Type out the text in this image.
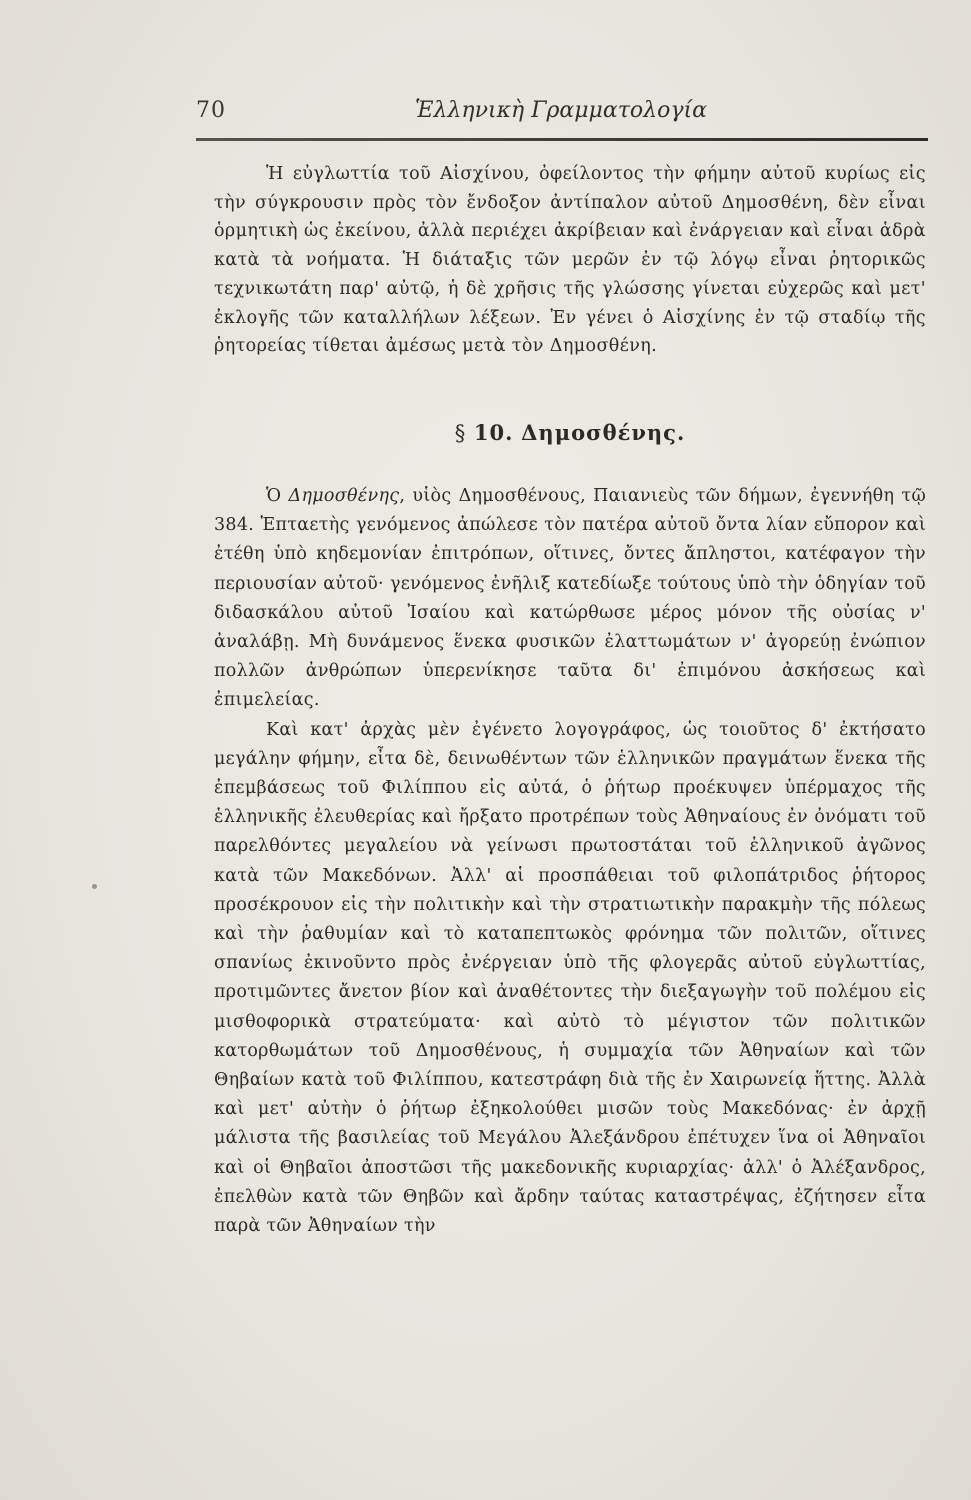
70	Ἑλληνικὴ Γραμματολογία

Ἡ εὐγλωττία τοῦ Αἰσχίνου, ὀφείλοντος τὴν φήμην αὐτοῦ κυρίως εἰς τὴν σύγκρουσιν πρὸς τὸν ἔνδοξον ἀντίπαλον αὐτοῦ Δημοσθένη, δὲν εἶναι ὁρμητικὴ ὡς ἐκείνου, ἀλλὰ περιέχει ἀκρίβειαν καὶ ἐνάργειαν καὶ εἶναι ἁδρὰ κατὰ τὰ νοήματα. Ἡ διάταξις τῶν μερῶν ἐν τῷ λόγῳ εἶναι ῥητορικῶς τεχνικωτάτη παρ' αὐτῷ, ἡ δὲ χρῆσις τῆς γλώσσης γίνεται εὐχερῶς καὶ μετ' ἐκλογῆς τῶν καταλλήλων λέξεων. Ἐν γένει ὁ Αἰσχίνης ἐν τῷ σταδίῳ τῆς ῥητορείας τίθεται ἀμέσως μετὰ τὸν Δημοσθένη.

§ 10. Δημοσθένης.

Ὁ Δημοσθένης, υἱὸς Δημοσθένους, Παιανιεὺς τῶν δήμων, ἐγεννήθη τῷ 384. Ἑπταετὴς γενόμενος ἀπώλεσε τὸν πατέρα αὐτοῦ ὄντα λίαν εὔπορον καὶ ἐτέθη ὑπὸ κηδεμονίαν ἐπιτρόπων, οἵτινες, ὄντες ἄπληστοι, κατέφαγον τὴν περιουσίαν αὐτοῦ· γενόμενος ἐνῆλιξ κατεδίωξε τούτους ὑπὸ τὴν ὁδηγίαν τοῦ διδασκάλου αὐτοῦ Ἰσαίου καὶ κατώρθωσε μέρος μόνον τῆς οὐσίας ν' ἀναλάβῃ. Μὴ δυνάμενος ἕνεκα φυσικῶν ἐλαττωμάτων ν' ἀγορεύῃ ἐνώπιον πολλῶν ἀνθρώπων ὑπερενίκησε ταῦτα δι' ἐπιμόνου ἀσκήσεως καὶ ἐπιμελείας.

Καὶ κατ' ἀρχὰς μὲν ἐγένετο λογογράφος, ὡς τοιοῦτος δ' ἐκτήσατο μεγάλην φήμην, εἶτα δὲ, δεινωθέντων τῶν ἑλληνικῶν πραγμάτων ἕνεκα τῆς ἐπεμβάσεως τοῦ Φιλίππου εἰς αὐτά, ὁ ῥήτωρ προέκυψεν ὑπέρμαχος τῆς ἑλληνικῆς ἐλευθερίας καὶ ἤρξατο προτρέπων τοὺς Ἀθηναίους ἐν ὀνόματι τοῦ παρελθόντες μεγαλείου νὰ γείνωσι πρωτοστάται τοῦ ἑλληνικοῦ ἀγῶνος κατὰ τῶν Μακεδόνων. Ἀλλ' αἱ προσπάθειαι τοῦ φιλοπάτριδος ῥήτορος προσέκρουον εἰς τὴν πολιτικὴν καὶ τὴν στρατιωτικὴν παρακμὴν τῆς πόλεως καὶ τὴν ῥαθυμίαν καὶ τὸ καταπεπτωκὸς φρόνημα τῶν πολιτῶν, οἵτινες σπανίως ἐκινοῦντο πρὸς ἐνέργειαν ὑπὸ τῆς φλογερᾶς αὐτοῦ εὐγλωττίας, προτιμῶντες ἄνετον βίον καὶ ἀναθέτοντες τὴν διεξαγωγὴν τοῦ πολέμου εἰς μισθοφορικὰ στρατεύματα· καὶ αὐτὸ τὸ μέγιστον τῶν πολιτικῶν κατορθωμάτων τοῦ Δημοσθένους, ἡ συμμαχία τῶν Ἀθηναίων καὶ τῶν Θηβαίων κατὰ τοῦ Φιλίππου, κατεστράφη διὰ τῆς ἐν Χαιρωνείᾳ ἥττης. Ἀλλὰ καὶ μετ' αὐτὴν ὁ ῥήτωρ ἐξηκολούθει μισῶν τοὺς Μακεδόνας· ἐν ἀρχῇ μάλιστα τῆς βασιλείας τοῦ Μεγάλου Ἀλεξάνδρου ἐπέτυχεν ἵνα οἱ Ἀθηναῖοι καὶ οἱ Θηβαῖοι ἀποστῶσι τῆς μακεδονικῆς κυριαρχίας· ἀλλ' ὁ Ἀλέξανδρος, ἐπελθὼν κατὰ τῶν Θηβῶν καὶ ἄρδην ταύτας καταστρέψας, ἐζήτησεν εἶτα παρὰ τῶν Ἀθηναίων τὴν
